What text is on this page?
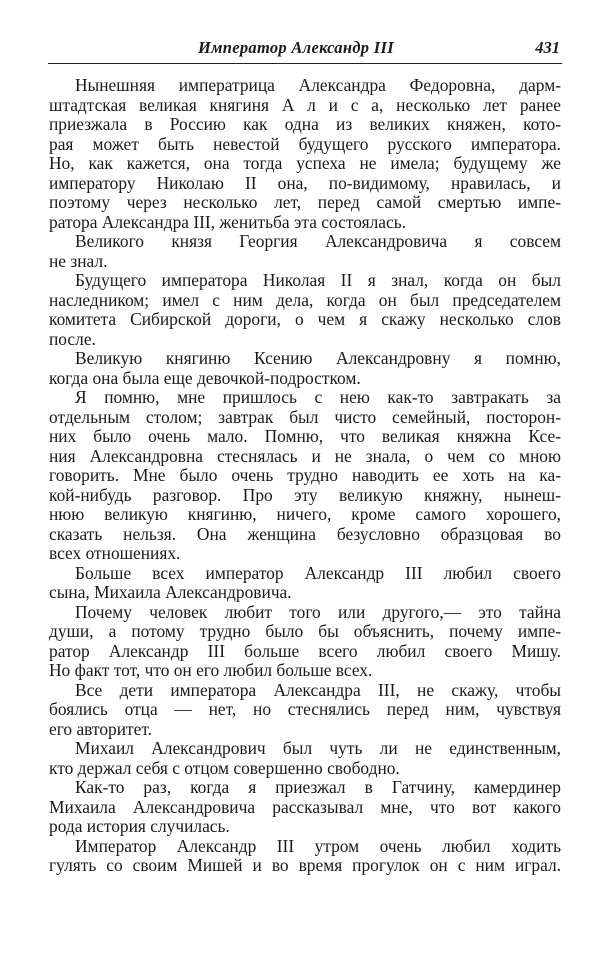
Император Александр III	431
Нынешняя императрица Александра Федоровна, дарм-
штадтская великая княгиня А л и с а, несколько лет ранее
приезжала в Россию как одна из великих княжен, кото-
рая может быть невестой будущего русского императора.
Но, как кажется, она тогда успеха не имела; будущему же
императору Николаю II она, по-видимому, нравилась, и
поэтому через несколько лет, перед самой смертью импе-
ратора Александра III, женитьба эта состоялась.
Великого князя Георгия Александровича я совсем
не знал.
Будущего императора Николая II я знал, когда он был
наследником; имел с ним дела, когда он был председателем
комитета Сибирской дороги, о чем я скажу несколько слов
после.
Великую княгиню Ксению Александровну я помню,
когда она была еще девочкой-подростком.
Я помню, мне пришлось с нею как-то завтракать за
отдельным столом; завтрак был чисто семейный, посторон-
них было очень мало. Помню, что великая княжна Ксе-
ния Александровна стеснялась и не знала, о чем со мною
говорить. Мне было очень трудно наводить ее хоть на ка-
кой-нибудь разговор. Про эту великую княжну, нынеш-
нюю великую княгиню, ничего, кроме самого хорошего,
сказать нельзя. Она женщина безусловно образцовая во
всех отношениях.
Больше всех император Александр III любил своего
сына, Михаила Александровича.
Почему человек любит того или другого,— это тайна
души, а потому трудно было бы объяснить, почему импе-
ратор Александр III больше всего любил своего Мишу.
Но факт тот, что он его любил больше всех.
Все дети императора Александра III, не скажу, чтобы
боялись отца — нет, но стеснялись перед ним, чувствуя
его авторитет.
Михаил Александрович был чуть ли не единственным,
кто держал себя с отцом совершенно свободно.
Как-то раз, когда я приезжал в Гатчину, камердинер
Михаила Александровича рассказывал мне, что вот какого
рода история случилась.
Император Александр III утром очень любил ходить
гулять со своим Мишей и во время прогулок он с ним играл.
